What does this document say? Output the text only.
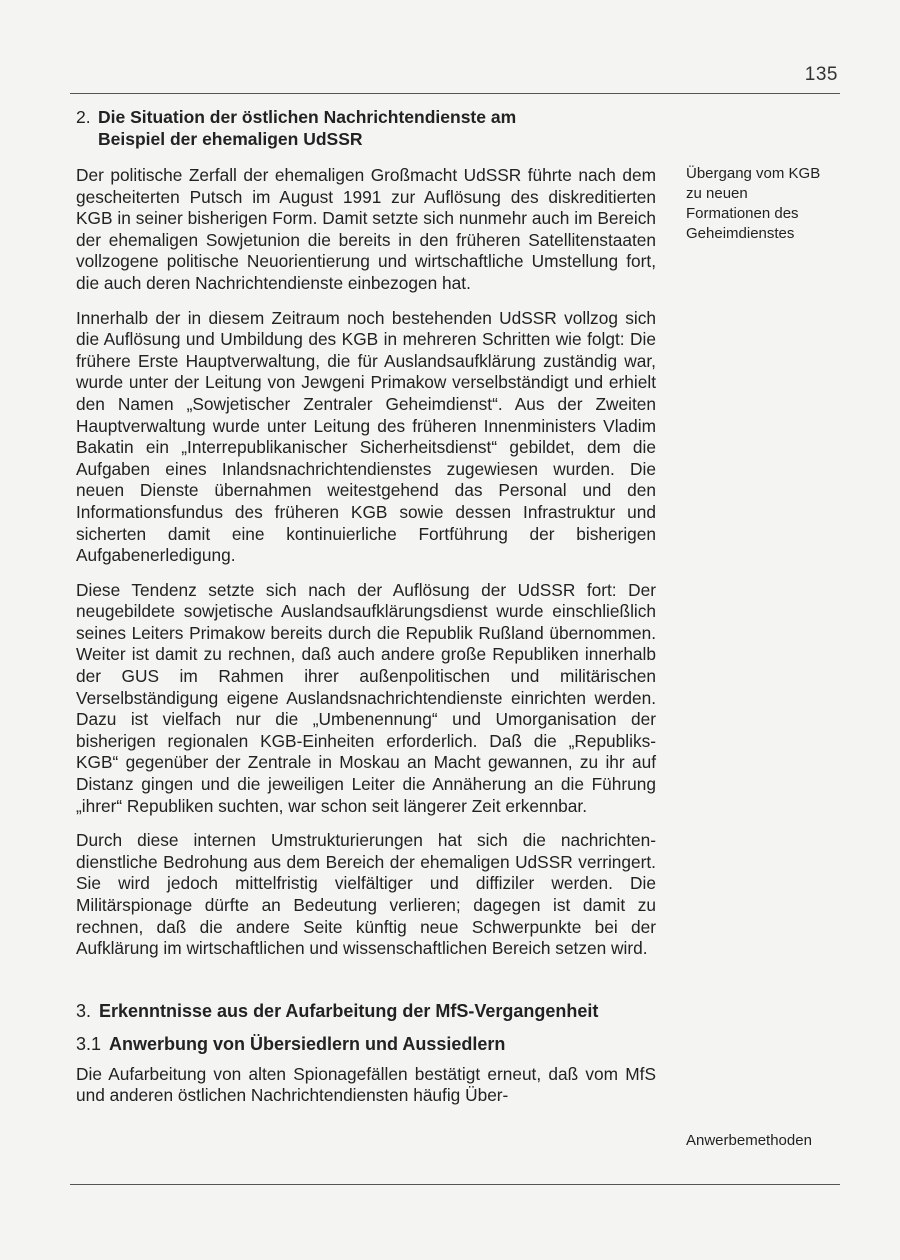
135
Übergang vom KGB
zu neuen
Formationen des
Geheimdienstes
Anwerbemethoden
2. Die Situation der östlichen Nachrichtendienste am
Beispiel der ehemaligen UdSSR

Der politische Zerfall der ehemaligen Großmacht UdSSR führte nach dem gescheiterten Putsch im August 1991 zur Auflösung des diskreditierten KGB in seiner bisherigen Form. Damit setzte sich nunmehr auch im Bereich der ehemaligen Sowjetunion die bereits in den früheren Satellitenstaaten vollzogene politische Neuorientierung und wirtschaftliche Umstellung fort, die auch deren Nachrichtendienste einbezogen hat.

Innerhalb der in diesem Zeitraum noch bestehenden UdSSR vollzog sich die Auflösung und Umbildung des KGB in mehreren Schritten wie folgt: Die frühere Erste Hauptverwaltung, die für Auslandsaufklärung zuständig war, wurde unter der Leitung von Jewgeni Primakow verselbständigt und erhielt den Namen „Sowjetischer Zentraler Geheimdienst“. Aus der Zweiten Hauptverwaltung wurde unter Leitung des früheren Innenministers Vladim Bakatin ein „Interrepublikanischer Sicherheitsdienst“ gebildet, dem die Aufgaben eines Inlandsnachrichtendienstes zugewiesen wurden. Die neuen Dienste übernahmen weitestgehend das Personal und den Informationsfundus des früheren KGB sowie dessen Infrastruktur und sicherten damit eine kontinuierliche Fortführung der bisherigen Aufgabenerledigung.

Diese Tendenz setzte sich nach der Auflösung der UdSSR fort: Der neugebildete sowjetische Auslandsaufklärungsdienst wurde einschließlich seines Leiters Primakow bereits durch die Republik Rußland übernommen. Weiter ist damit zu rechnen, daß auch andere große Republiken innerhalb der GUS im Rahmen ihrer außenpolitischen und militärischen Verselbständigung eigene Auslandsnachrichtendienste einrichten werden. Dazu ist vielfach nur die „Umbenennung“ und Umorganisation der bisherigen regionalen KGB-Einheiten erforderlich. Daß die „Republiks-KGB“ gegenüber der Zentrale in Moskau an Macht gewannen, zu ihr auf Distanz gingen und die jeweiligen Leiter die Annäherung an die Führung „ihrer“ Republiken suchten, war schon seit längerer Zeit erkennbar.

Durch diese internen Umstrukturierungen hat sich die nachrichtendienstliche Bedrohung aus dem Bereich der ehemaligen UdSSR verringert. Sie wird jedoch mittelfristig vielfältiger und diffiziler werden. Die Militärspionage dürfte an Bedeutung verlieren; dagegen ist damit zu rechnen, daß die andere Seite künftig neue Schwerpunkte bei der Aufklärung im wirtschaftlichen und wissenschaftlichen Bereich setzen wird.

3. Erkenntnisse aus der Aufarbeitung der MfS-Vergangenheit
3.1 Anwerbung von Übersiedlern und Aussiedlern

Die Aufarbeitung von alten Spionagefällen bestätigt erneut, daß vom MfS und anderen östlichen Nachrichtendiensten häufig Über-
